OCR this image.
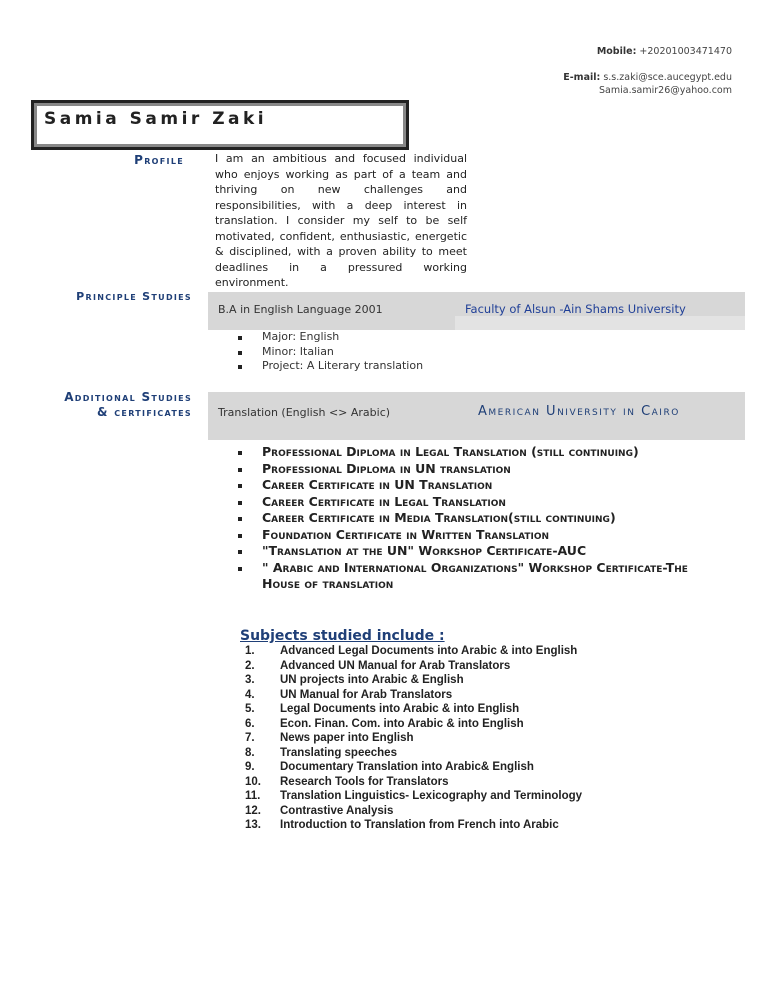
Mobile: +20201003471470
E-mail: s.s.zaki@sce.aucegypt.edu
Samia.samir26@yahoo.com
Samia Samir Zaki
Profile	I am an ambitious and focused individual who enjoys working as part of a team and thriving on new challenges and responsibilities, with a deep interest in translation. I consider my self to be self motivated, confident, enthusiastic, energetic & disciplined, with a proven ability to meet deadlines in a pressured working environment.
Principle Studies
B.A in English Language 2001	Faculty of Alsun -Ain Shams University
Major: English
Minor: Italian
Project: A Literary translation
Additional Studies
& certificates Translation (English <> Arabic)	American University in Cairo
Professional Diploma in Legal Translation (still continuing)
Professional Diploma in UN translation
Career Certificate in UN Translation
Career Certificate in Legal Translation
Career Certificate in Media Translation(still continuing)
Foundation Certificate in Written Translation
"Translation at the UN" Workshop Certificate-AUC
" Arabic and International Organizations" Workshop Certificate-The House of translation
Subjects studied include :
1.	Advanced Legal Documents into Arabic & into English
2.	Advanced UN Manual for Arab Translators
3.	UN projects into Arabic & English
4.	UN Manual for Arab Translators
5.	Legal Documents into Arabic & into English
6.	Econ. Finan. Com. into Arabic & into English
7.	News paper into English
8.	Translating speeches
9.	Documentary Translation into Arabic& English
10.	Research Tools for Translators
11.	Translation Linguistics- Lexicography and Terminology
12.	Contrastive Analysis
13.	Introduction to Translation from French into Arabic
